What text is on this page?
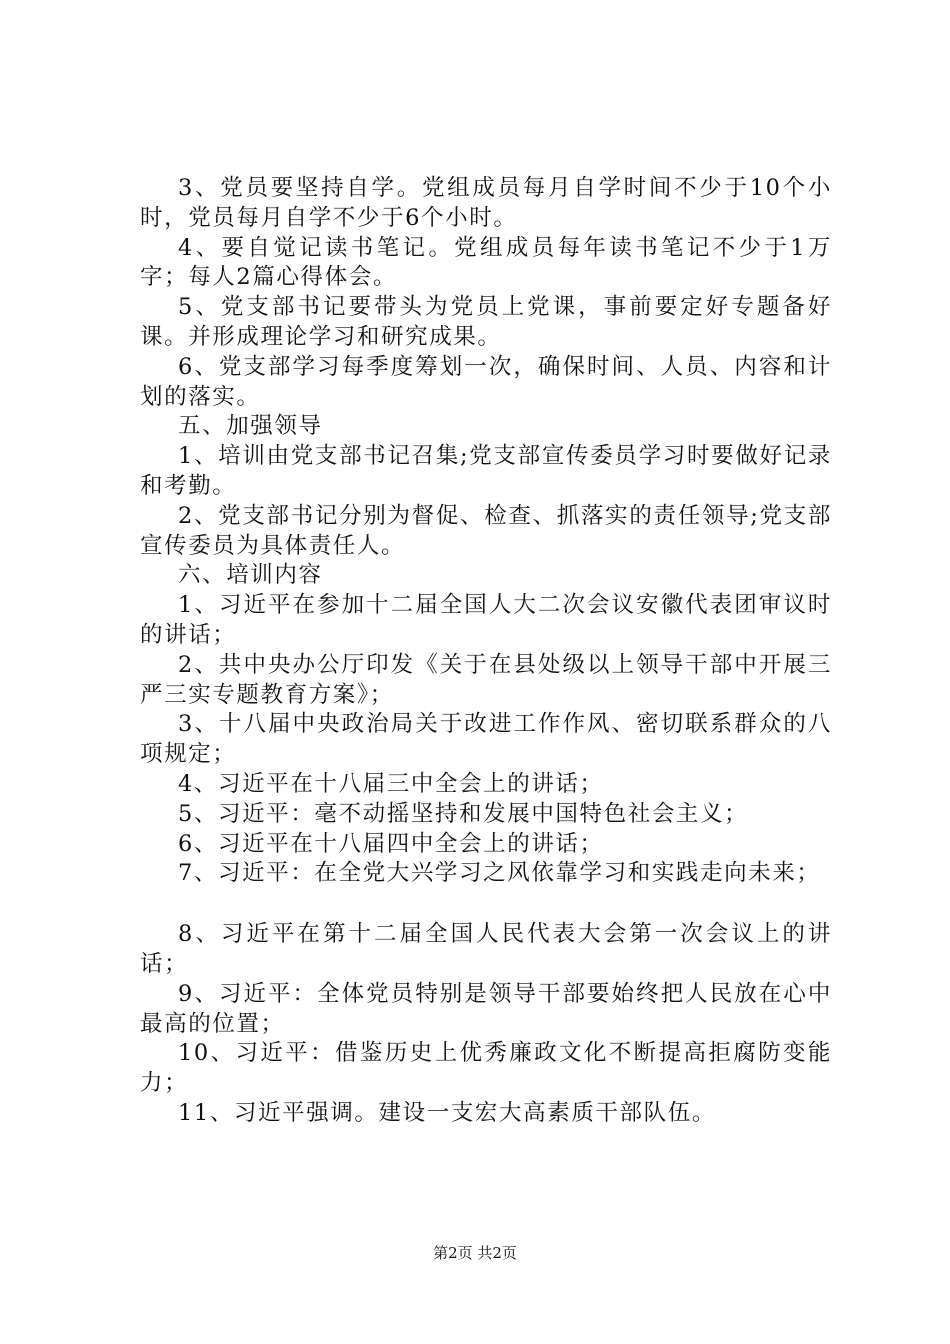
3、党员要坚持自学。党组成员每月自学时间不少于10个小时，党员每月自学不少于6个小时。

4、要自觉记读书笔记。党组成员每年读书笔记不少于1万字；每人2篇心得体会。

5、党支部书记要带头为党员上党课，事前要定好专题备好课。并形成理论学习和研究成果。

6、党支部学习每季度筹划一次，确保时间、人员、内容和计划的落实。

五、加强领导

1、培训由党支部书记召集;党支部宣传委员学习时要做好记录和考勤。

2、党支部书记分别为督促、检查、抓落实的责任领导;党支部宣传委员为具体责任人。

六、培训内容

1、习近平在参加十二届全国人大二次会议安徽代表团审议时的讲话；

2、共中央办公厅印发《关于在县处级以上领导干部中开展三严三实专题教育方案》；

3、十八届中央政治局关于改进工作作风、密切联系群众的八项规定；

4、习近平在十八届三中全会上的讲话；

5、习近平：毫不动摇坚持和发展中国特色社会主义；

6、习近平在十八届四中全会上的讲话；

7、习近平：在全党大兴学习之风依靠学习和实践走向未来；

8、习近平在第十二届全国人民代表大会第一次会议上的讲话；

9、习近平：全体党员特别是领导干部要始终把人民放在心中最高的位置；

10、习近平：借鉴历史上优秀廉政文化不断提高拒腐防变能力；

11、习近平强调。建设一支宏大高素质干部队伍。

第2页 共2页
